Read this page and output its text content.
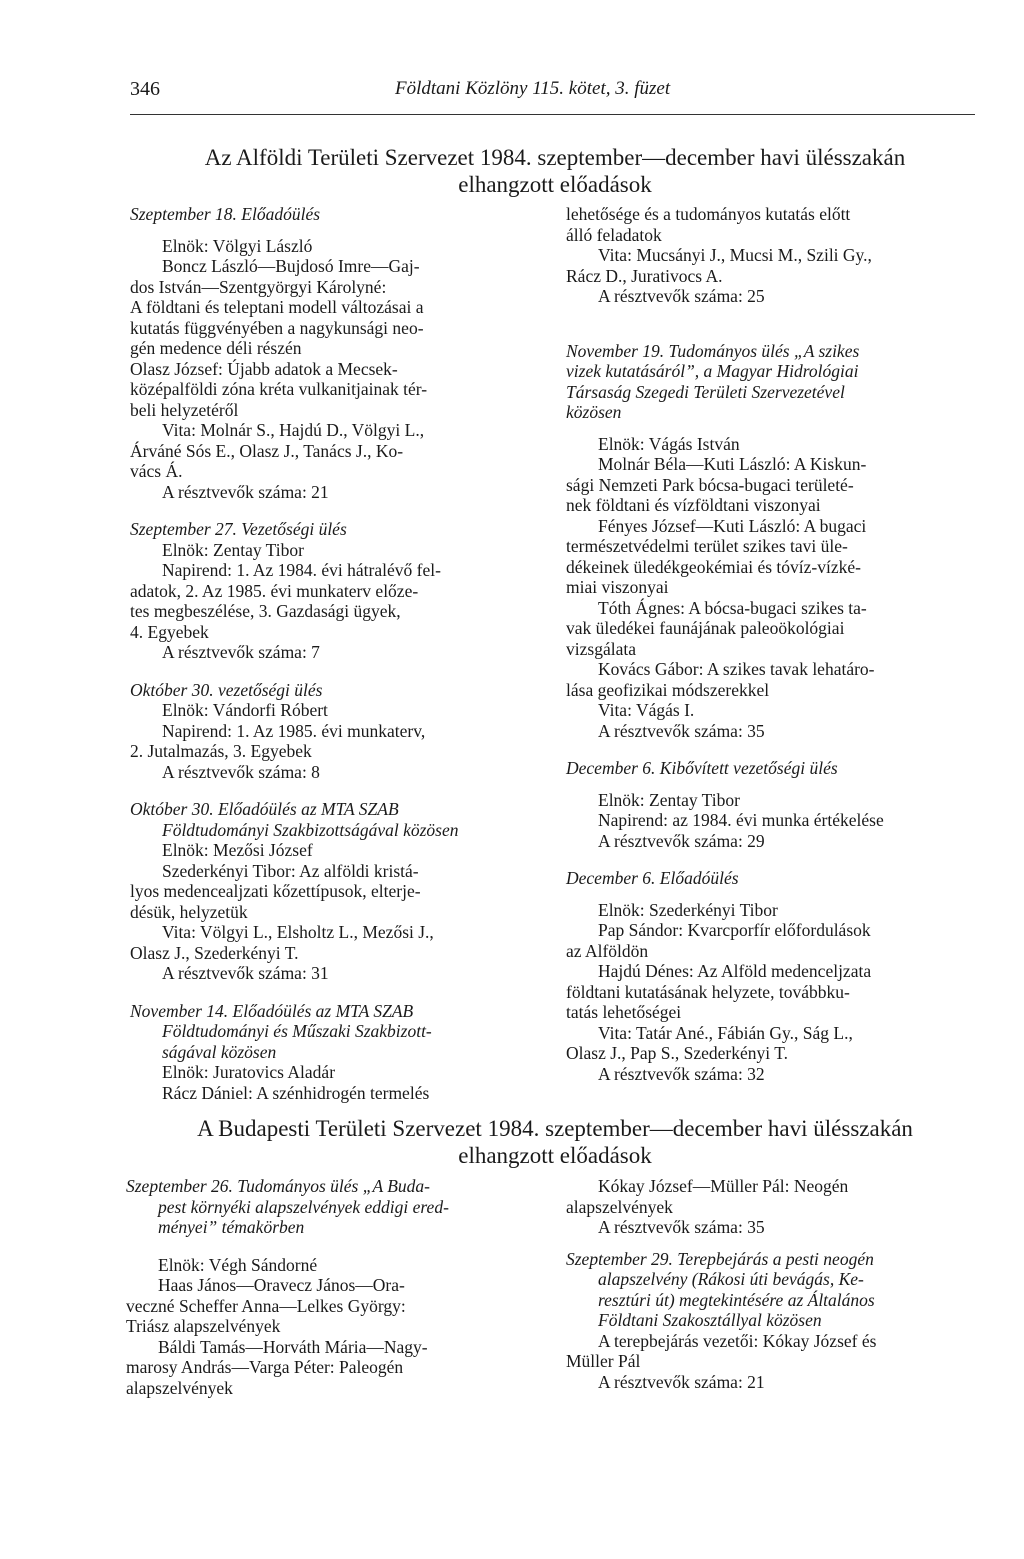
346	Földtani Közlöny 115. kötet, 3. füzet
Az Alföldi Területi Szervezet 1984. szeptember—december havi ülésszakán
elhangzott előadások

Szeptember 18. Előadóülés

Elnök: Völgyi László

Boncz László—Bujdosó Imre—Gaj-

dos István—Szentgyörgyi Károlyné:

A földtani és teleptani modell változásai a

kutatás függvényében a nagykunsági neo-

gén medence déli részén

Olasz József: Újabb adatok a Mecsek-

középalföldi zóna kréta vulkanitjainak tér-

beli helyzetéről

Vita: Molnár S., Hajdú D., Völgyi L.,

Árváné Sós E., Olasz J., Tanács J., Ko-

vács Á.

A résztvevők száma: 21

Szeptember 27. Vezetőségi ülés

Elnök: Zentay Tibor

Napirend: 1. Az 1984. évi hátralévő fel-

adatok, 2. Az 1985. évi munkaterv előze-

tes megbeszélése, 3. Gazdasági ügyek,

4. Egyebek

A résztvevők száma: 7

Október 30. vezetőségi ülés

Elnök: Vándorfi Róbert

Napirend: 1. Az 1985. évi munkaterv,

2. Jutalmazás, 3. Egyebek

A résztvevők száma: 8

Október 30. Előadóülés az MTA SZAB

Földtudományi Szakbizottságával közösen

Elnök: Mezősi József

Szederkényi Tibor: Az alföldi kristá-

lyos medencealjzati kőzettípusok, elterje-

désük, helyzetük

Vita: Völgyi L., Elsholtz L., Mezősi J.,

Olasz J., Szederkényi T.

A résztvevők száma: 31

November 14. Előadóülés az MTA SZAB

Földtudományi és Műszaki Szakbizott-

ságával közösen

Elnök: Juratovics Aladár

Rácz Dániel: A szénhidrogén termelés

lehetősége és a tudományos kutatás előtt

álló feladatok

Vita: Mucsányi J., Mucsi M., Szili Gy.,

Rácz D., Jurativocs A.

A résztvevők száma: 25

November 19. Tudományos ülés „A szikes

vizek kutatásáról”, a Magyar Hidrológiai

Társaság Szegedi Területi Szervezetével

közösen

Elnök: Vágás István

Molnár Béla—Kuti László: A Kiskun-

sági Nemzeti Park bócsa-bugaci területé-

nek földtani és vízföldtani viszonyai

Fényes József—Kuti László: A bugaci

természetvédelmi terület szikes tavi üle-

dékeinek üledékgeokémiai és tóvíz-vízké-

miai viszonyai

Tóth Ágnes: A bócsa-bugaci szikes ta-

vak üledékei faunájának paleoökológiai

vizsgálata

Kovács Gábor: A szikes tavak lehatáro-

lása geofizikai módszerekkel

Vita: Vágás I.

A résztvevők száma: 35

December 6. Kibővített vezetőségi ülés

Elnök: Zentay Tibor

Napirend: az 1984. évi munka értékelése

A résztvevők száma: 29

December 6. Előadóülés

Elnök: Szederkényi Tibor

Pap Sándor: Kvarcporfír előfordulások

az Alföldön

Hajdú Dénes: Az Alföld medenceljzata

földtani kutatásának helyzete, továbbku-

tatás lehetőségei

Vita: Tatár Ané., Fábián Gy., Ság L.,

Olasz J., Pap S., Szederkényi T.

A résztvevők száma: 32

A Budapesti Területi Szervezet 1984. szeptember—december havi ülésszakán
elhangzott előadások

Szeptember 26. Tudományos ülés „A Buda-

pest környéki alapszelvények eddigi ered-

ményei” témakörben

Elnök: Végh Sándorné

Haas János—Oravecz János—Ora-

veczné Scheffer Anna—Lelkes György:

Triász alapszelvények

Báldi Tamás—Horváth Mária—Nagy-

marosy András—Varga Péter: Paleogén

alapszelvények

Kókay József—Müller Pál: Neogén

alapszelvények

A résztvevők száma: 35

Szeptember 29. Terepbejárás a pesti neogén

alapszelvény (Rákosi úti bevágás, Ke-

resztúri út) megtekintésére az Általános

Földtani Szakosztállyal közösen

A terepbejárás vezetői: Kókay József és

Müller Pál

A résztvevők száma: 21
